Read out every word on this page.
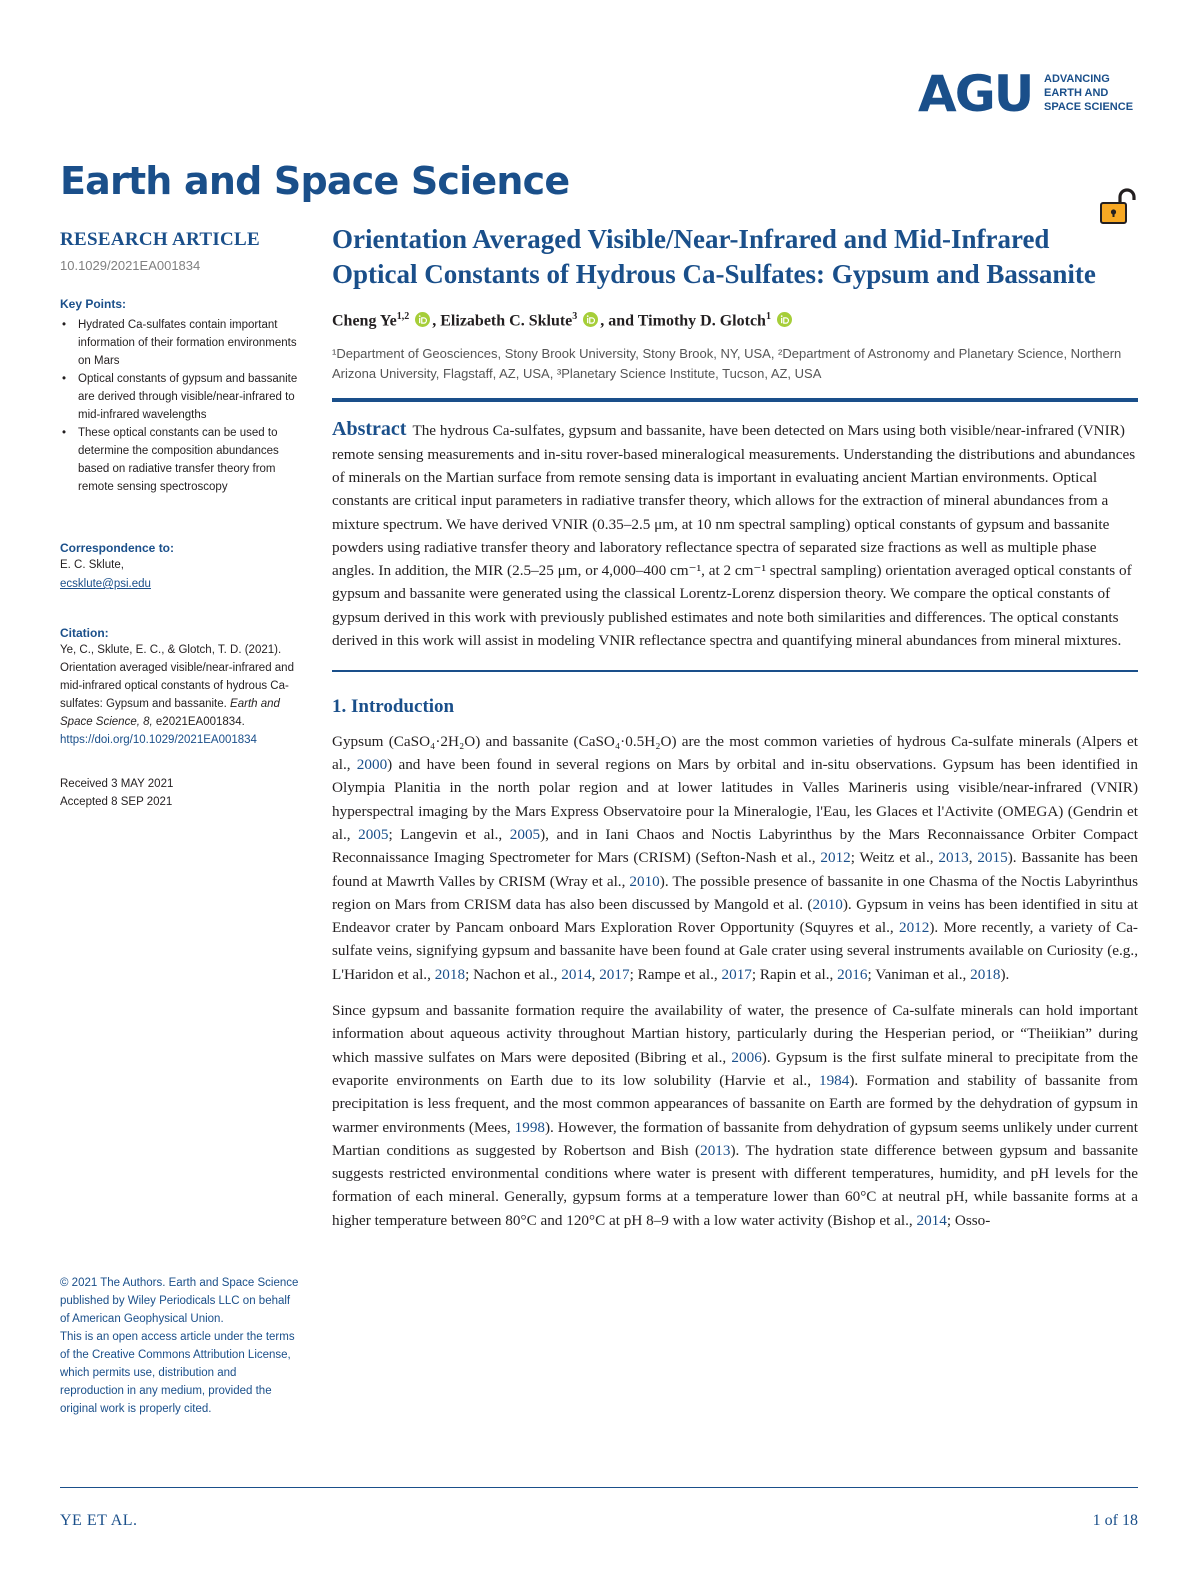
AGU ADVANCING
EARTH AND
SPACE SCIENCE
Earth and Space Science
RESEARCH ARTICLE
10.1029/2021EA001834
Key Points:
• Hydrated Ca-sulfates contain important information of their formation environments on Mars
• Optical constants of gypsum and bassanite are derived through visible/near-infrared to mid-infrared wavelengths
• These optical constants can be used to determine the composition abundances based on radiative transfer theory from remote sensing spectroscopy
Correspondence to:
E. C. Sklute,
ecsklute@psi.edu
Citation:
Ye, C., Sklute, E. C., & Glotch, T. D. (2021). Orientation averaged visible/near-infrared and mid-infrared optical constants of hydrous Ca-sulfates: Gypsum and bassanite. Earth and Space Science, 8, e2021EA001834. https://doi.org/10.1029/2021EA001834
Received 3 MAY 2021
Accepted 8 SEP 2021
© 2021 The Authors. Earth and Space Science published by Wiley Periodicals LLC on behalf of American Geophysical Union.
This is an open access article under the terms of the Creative Commons Attribution License, which permits use, distribution and reproduction in any medium, provided the original work is properly cited.
Orientation Averaged Visible/Near-Infrared and Mid-Infrared Optical Constants of Hydrous Ca-Sulfates: Gypsum and Bassanite
Cheng Ye$^{1,2}$ , Elizabeth C. Sklute$^3$ , and Timothy D. Glotch$^1$
¹Department of Geosciences, Stony Brook University, Stony Brook, NY, USA, ²Department of Astronomy and Planetary Science, Northern Arizona University, Flagstaff, AZ, USA, ³Planetary Science Institute, Tucson, AZ, USA
Abstract The hydrous Ca-sulfates, gypsum and bassanite, have been detected on Mars using both visible/near-infrared (VNIR) remote sensing measurements and in-situ rover-based mineralogical measurements. Understanding the distributions and abundances of minerals on the Martian surface from remote sensing data is important in evaluating ancient Martian environments. Optical constants are critical input parameters in radiative transfer theory, which allows for the extraction of mineral abundances from a mixture spectrum. We have derived VNIR (0.35–2.5 μm, at 10 nm spectral sampling) optical constants of gypsum and bassanite powders using radiative transfer theory and laboratory reflectance spectra of separated size fractions as well as multiple phase angles. In addition, the MIR (2.5–25 μm, or 4,000–400 cm⁻¹, at 2 cm⁻¹ spectral sampling) orientation averaged optical constants of gypsum and bassanite were generated using the classical Lorentz-Lorenz dispersion theory. We compare the optical constants of gypsum derived in this work with previously published estimates and note both similarities and differences. The optical constants derived in this work will assist in modeling VNIR reflectance spectra and quantifying mineral abundances from mineral mixtures.
1. Introduction
Gypsum (CaSO₄·2H₂O) and bassanite (CaSO₄·0.5H₂O) are the most common varieties of hydrous Ca-sulfate minerals (Alpers et al., 2000) and have been found in several regions on Mars by orbital and in-situ observations. Gypsum has been identified in Olympia Planitia in the north polar region and at lower latitudes in Valles Marineris using visible/near-infrared (VNIR) hyperspectral imaging by the Mars Express Observatoire pour la Mineralogie, l'Eau, les Glaces et l'Activite (OMEGA) (Gendrin et al., 2005; Langevin et al., 2005), and in Iani Chaos and Noctis Labyrinthus by the Mars Reconnaissance Orbiter Compact Reconnaissance Imaging Spectrometer for Mars (CRISM) (Sefton-Nash et al., 2012; Weitz et al., 2013, 2015). Bassanite has been found at Mawrth Valles by CRISM (Wray et al., 2010). The possible presence of bassanite in one Chasma of the Noctis Labyrinthus region on Mars from CRISM data has also been discussed by Mangold et al. (2010). Gypsum in veins has been identified in situ at Endeavor crater by Pancam onboard Mars Exploration Rover Opportunity (Squyres et al., 2012). More recently, a variety of Ca-sulfate veins, signifying gypsum and bassanite have been found at Gale crater using several instruments available on Curiosity (e.g., L'Haridon et al., 2018; Nachon et al., 2014, 2017; Rampe et al., 2017; Rapin et al., 2016; Vaniman et al., 2018).
Since gypsum and bassanite formation require the availability of water, the presence of Ca-sulfate minerals can hold important information about aqueous activity throughout Martian history, particularly during the Hesperian period, or “Theiikian” during which massive sulfates on Mars were deposited (Bibring et al., 2006). Gypsum is the first sulfate mineral to precipitate from the evaporite environments on Earth due to its low solubility (Harvie et al., 1984). Formation and stability of bassanite from precipitation is less frequent, and the most common appearances of bassanite on Earth are formed by the dehydration of gypsum in warmer environments (Mees, 1998). However, the formation of bassanite from dehydration of gypsum seems unlikely under current Martian conditions as suggested by Robertson and Bish (2013). The hydration state difference between gypsum and bassanite suggests restricted environmental conditions where water is present with different temperatures, humidity, and pH levels for the formation of each mineral. Generally, gypsum forms at a temperature lower than 60°C at neutral pH, while bassanite forms at a higher temperature between 80°C and 120°C at pH 8–9 with a low water activity (Bishop et al., 2014; Osso-
YE ET AL.	1 of 18
